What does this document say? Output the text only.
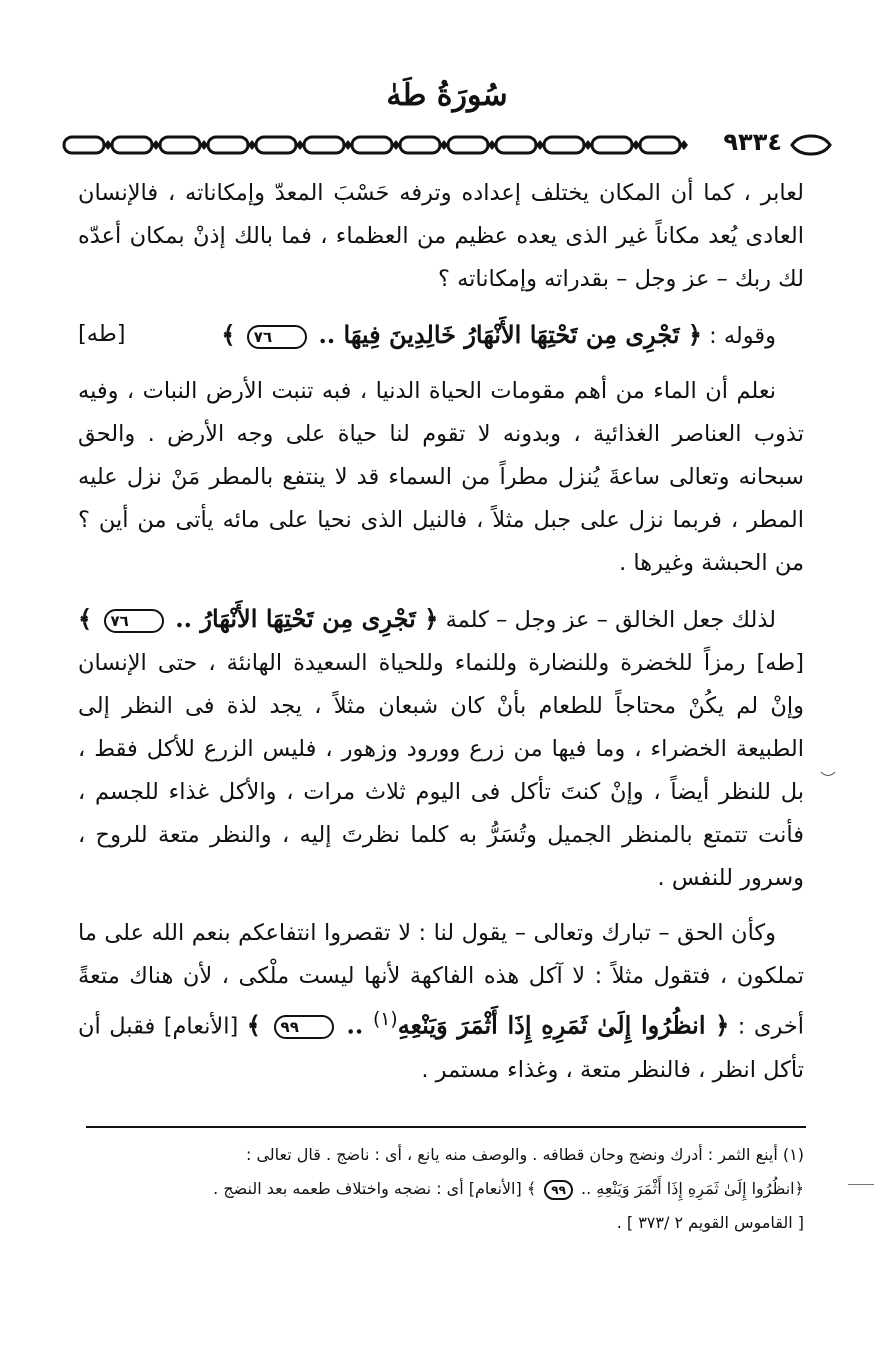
سُورَةُ طَهٰ
٩٣٣٤

لعابر ، كما أن المكان يختلف إعداده وترفه حَسْبَ المعدّ وإمكاناته ، فالإنسان العادى يُعد مكاناً غير الذى يعده عظيم من العظماء ، فما بالك إذنْ بمكان أعدّه لك ربك – عز وجل – بقدراته وإمكاناته ؟

وقوله : ﴿ تَجْرِى مِن تَحْتِهَا الأَنْهَارُ خَالِدِينَ فِيهَا .. ٧٦ ﴾
[طه]

نعلم أن الماء من أهم مقومات الحياة الدنيا ، فبه تنبت الأرض النبات ، وفيه تذوب العناصر الغذائية ، وبدونه لا تقوم لنا حياة على وجه الأرض . والحق سبحانه وتعالى ساعةَ يُنزل مطراً من السماء قد لا ينتفع بالمطر مَنْ نزل عليه المطر ، فربما نزل على جبل مثلاً ، فالنيل الذى نحيا على مائه يأتى من أين ؟ من الحبشة وغيرها .

لذلك جعل الخالق – عز وجل – كلمة ﴿ تَجْرِى مِن تَحْتِهَا الأَنْهَارُ .. ٧٦ ﴾ [طه] رمزاً للخضرة وللنضارة وللنماء وللحياة السعيدة الهانئة ، حتى الإنسان وإنْ لم يكُنْ محتاجاً للطعام بأنْ كان شبعان مثلاً ، يجد لذة فى النظر إلى الطبيعة الخضراء ، وما فيها من زرع وورود وزهور ، فليس الزرع للأكل فقط ، بل للنظر أيضاً ، وإنْ كنتَ تأكل فى اليوم ثلاث مرات ، والأكل غذاء للجسم ، فأنت تتمتع بالمنظر الجميل وتُسَرُّ به كلما نظرتَ إليه ، والنظر متعة للروح ، وسرور للنفس .

وكأن الحق – تبارك وتعالى – يقول لنا : لا تقصروا انتفاعكم بنعم الله على ما تملكون ، فتقول مثلاً : لا آكل هذه الفاكهة لأنها ليست ملْكى ، لأن هناك متعةً أخرى : ﴿ انظُرُوا إِلَىٰ ثَمَرِهِ إِذَا أَثْمَرَ وَيَنْعِهِ$^{(١)}$ .. ٩٩ ﴾ [الأنعام] فقبل أن تأكل انظر ، فالنظر متعة ، وغذاء مستمر .

(١) أينع الثمر : أدرك ونضج وحان قطافه . والوصف منه يانع ، أى : ناضج . قال تعالى :

﴿انظُرُوا إِلَىٰ ثَمَرِهِ إِذَا أَثْمَرَ وَيَنْعِهِ .. ٩٩ ﴾ [الأنعام] أى : نضجه واختلاف طعمه بعد النضج .

[ القاموس القويم ٢ /٣٧٣ ] .
